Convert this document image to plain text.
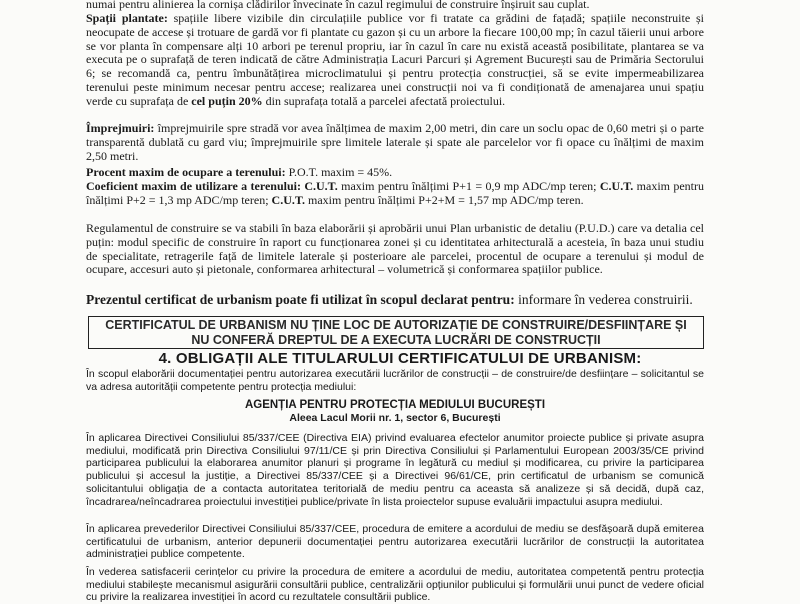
numai pentru alinierea la cornișa clădirilor învecinate în cazul regimului de construire înșiruit sau cuplat.

Spații plantate: spațiile libere vizibile din circulațiile publice vor fi tratate ca grădini de fațadă; spațiile neconstruite și neocupate de accese și trotuare de gardă vor fi plantate cu gazon și cu un arbore la fiecare 100,00 mp; în cazul tăierii unui arbore se vor planta în compensare alți 10 arbori pe terenul propriu, iar în cazul în care nu există această posibilitate, plantarea se va executa pe o suprafață de teren indicată de către Administrația Lacuri Parcuri și Agrement București sau de Primăria Sectorului 6; se recomandă ca, pentru îmbunătățirea microclimatului și pentru protecția construcției, să se evite impermeabilizarea terenului peste minimum necesar pentru accese; realizarea unei construcții noi va fi condiționată de amenajarea unui spațiu verde cu suprafața de cel puțin 20% din suprafața totală a parcelei afectată proiectului.

Împrejmuiri: împrejmuirile spre stradă vor avea înălțimea de maxim 2,00 metri, din care un soclu opac de 0,60 metri și o parte transparentă dublată cu gard viu; împrejmuirile spre limitele laterale și spate ale parcelelor vor fi opace cu înălțimi de maxim 2,50 metri.

Procent maxim de ocupare a terenului: P.O.T. maxim = 45%.

Coeficient maxim de utilizare a terenului: C.U.T. maxim pentru înălțimi P+1 = 0,9 mp ADC/mp teren; C.U.T. maxim pentru înălțimi P+2 = 1,3 mp ADC/mp teren; C.U.T. maxim pentru înălțimi P+2+M = 1,57 mp ADC/mp teren.

Regulamentul de construire se va stabili în baza elaborării și aprobării unui Plan urbanistic de detaliu (P.U.D.) care va detalia cel puțin: modul specific de construire în raport cu funcționarea zonei și cu identitatea arhitecturală a acesteia, în baza unui studiu de specialitate, retragerile față de limitele laterale și posterioare ale parcelei, procentul de ocupare a terenului și modul de ocupare, accesuri auto și pietonale, conformarea arhitectural – volumetrică și conformarea spațiilor publice.

Prezentul certificat de urbanism poate fi utilizat în scopul declarat pentru: informare în vederea construirii.

CERTIFICATUL DE URBANISM NU ȚINE LOC DE AUTORIZAȚIE DE CONSTRUIRE/DESFIINȚARE ȘI
NU CONFERĂ DREPTUL DE A EXECUTA LUCRĂRI DE CONSTRUCȚII
4. OBLIGAȚII ALE TITULARULUI CERTIFICATULUI DE URBANISM:

În scopul elaborării documentației pentru autorizarea executării lucrărilor de construcții – de construire/de desființare – solicitantul se va adresa autorității competente pentru protecția mediului:

AGENȚIA PENTRU PROTECȚIA MEDIULUI BUCUREȘTI

Aleea Lacul Morii nr. 1, sector 6, București

În aplicarea Directivei Consiliului 85/337/CEE (Directiva EIA) privind evaluarea efectelor anumitor proiecte publice și private asupra mediului, modificată prin Directiva Consiliului 97/11/CE și prin Directiva Consiliului și Parlamentului European 2003/35/CE privind participarea publicului la elaborarea anumitor planuri și programe în legătură cu mediul și modificarea, cu privire la participarea publicului și accesul la justiție, a Directivei 85/337/CEE și a Directivei 96/61/CE, prin certificatul de urbanism se comunică solicitantului obligația de a contacta autoritatea teritorială de mediu pentru ca aceasta să analizeze și să decidă, după caz, încadrarea/neîncadrarea proiectului investiției publice/private în lista proiectelor supuse evaluării impactului asupra mediului.

În aplicarea prevederilor Directivei Consiliului 85/337/CEE, procedura de emitere a acordului de mediu se desfășoară după emiterea certificatului de urbanism, anterior depunerii documentației pentru autorizarea executării lucrărilor de construcții la autoritatea administrației publice competente.

În vederea satisfacerii cerințelor cu privire la procedura de emitere a acordului de mediu, autoritatea competentă pentru protecția mediului stabilește mecanismul asigurării consultării publice, centralizării opțiunilor publicului și formulării unui punct de vedere oficial cu privire la realizarea investiției în acord cu rezultatele consultării publice.
